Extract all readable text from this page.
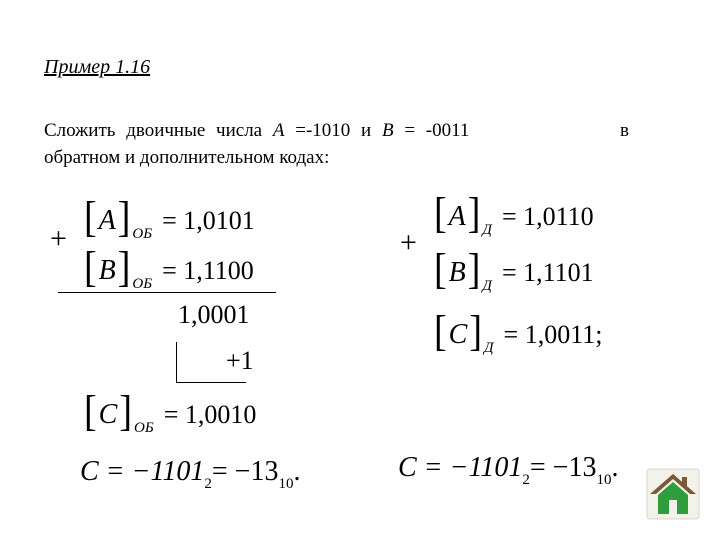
Пример 1.16
Сложить двоичные числа A =-1010 и B = -0011	в
обратном и дополнительном кодах:
+ [ A ] ОБ = 1,0101
[ B ] ОБ = 1,1100
1,0001
+1
[ C ] ОБ = 1,0010
C = −1101 2 = −13 10 .
+
[ A ] Д = 1,0110
[ B ] Д = 1,1101
[ C ] Д = 1,0011;
C = −1101 2 = −13 10 .
